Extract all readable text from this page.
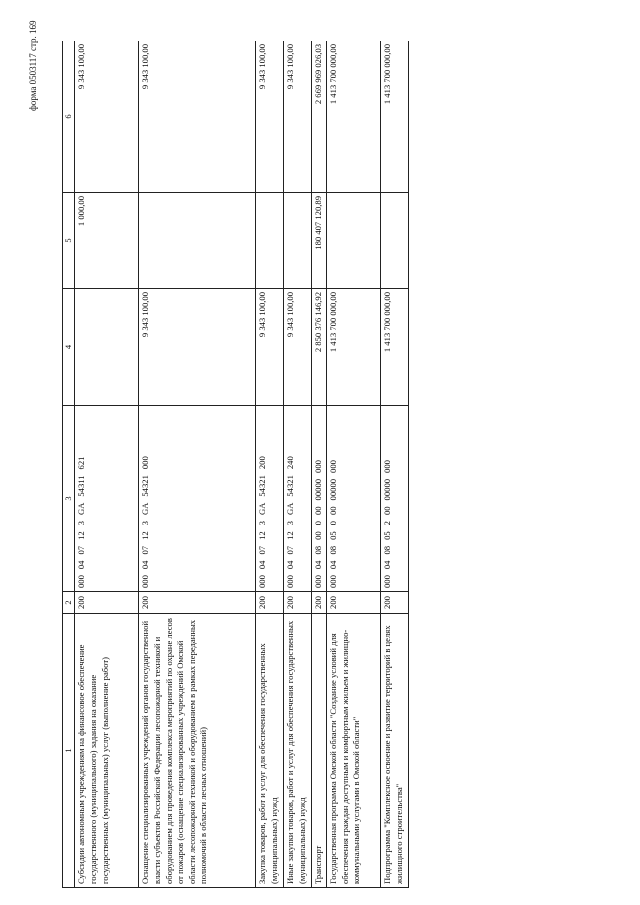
форма 0503117 стр. 169
1	2	3	4	5	6
Субсидии автономным учреждениям на финансовое обеспечение государственного (муниципального) задания на оказание государственных (муниципальных) услуг (выполнение работ)	200	0000407123GA54311621		1 000,00	9 343 100,00
Оснащение специализированных учреждений органов государственной власти субъектов Российской Федерации лесопожарной техникой и оборудованием для проведения комплекса мероприятий по охране лесов от пожаров (оснащение специализированных учреждений Омской области лесопожарной техникой и оборудованием в рамках переданных полномочий в области лесных отношений)	200	0000407123GA54321000	9 343 100,00		9 343 100,00
Закупка товаров, работ и услуг для обеспечения государственных (муниципальных) нужд	200	0000407123GA54321200	9 343 100,00		9 343 100,00
Иные закупки товаров, работ и услуг для обеспечения государственных (муниципальных) нужд	200	0000407123GA54321240	9 343 100,00		9 343 100,00
Транспорт	200	00004080000000000000	2 850 376 146,92	180 407 120,89	2 669 969 026,03
Государственная программа Омской области "Создание условий для обеспечения граждан доступным и комфортным жильем и жилищно-коммунальными услугами в Омской области"	200	00004080500000000000	1 413 700 000,00		1 413 700 000,00
Подпрограмма "Комплексное освоение и развитие территорий в целях жилищного строительства"	200	00004080520000000000	1 413 700 000,00		1 413 700 000,00
